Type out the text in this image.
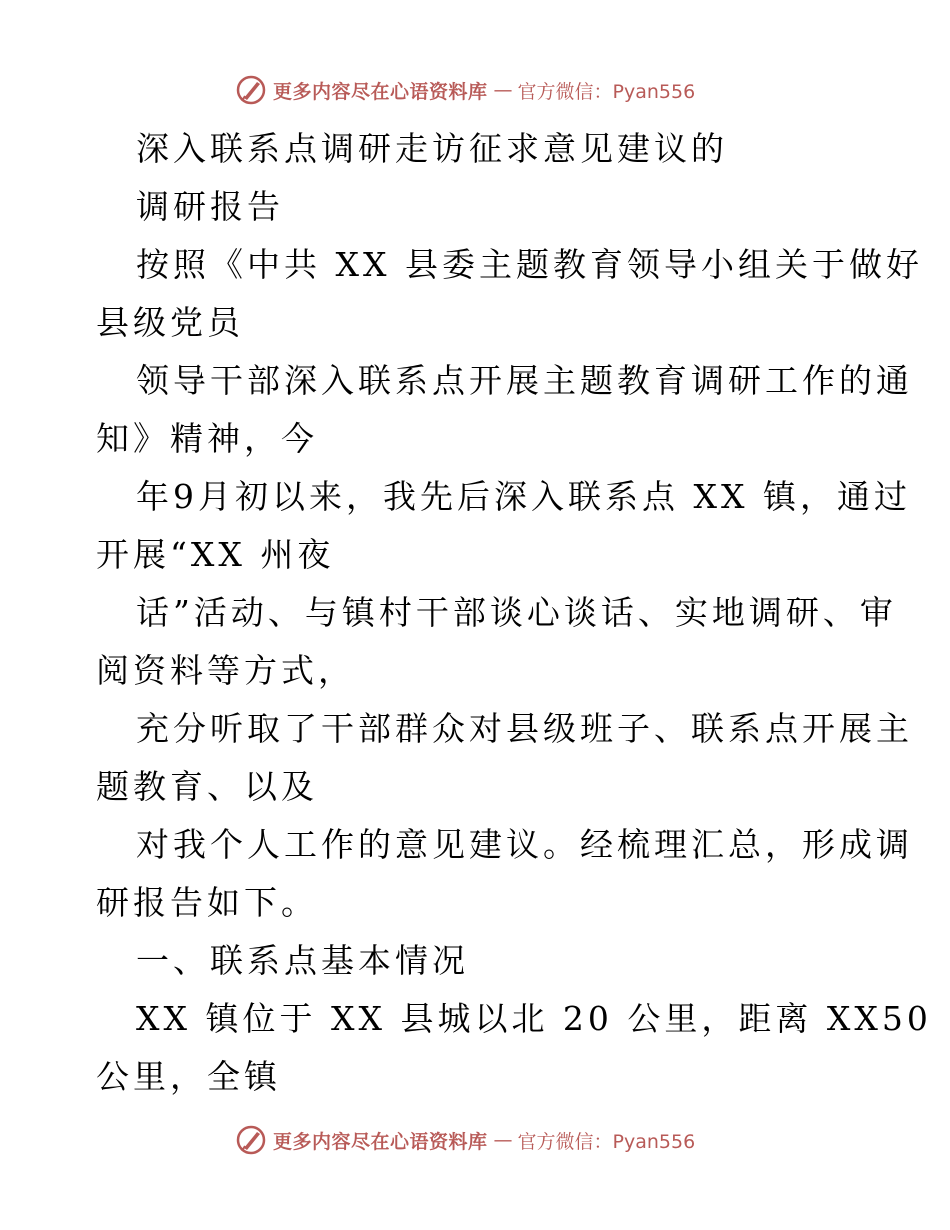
更多内容尽在心语资料库 — 官方微信：Pyan556
深入联系点调研走访征求意见建议的
调研报告
按照《中共 XX 县委主题教育领导小组关于做好
县级党员
领导干部深入联系点开展主题教育调研工作的通
知》精神，今
年9月初以来，我先后深入联系点 XX 镇，通过
开展“XX 州夜
话”活动、与镇村干部谈心谈话、实地调研、审
阅资料等方式，
充分听取了干部群众对县级班子、联系点开展主
题教育、以及
对我个人工作的意见建议。经梳理汇总，形成调
研报告如下。
一、联系点基本情况
XX 镇位于 XX 县城以北 20 公里，距离 XX50
公里，全镇
更多内容尽在心语资料库 — 官方微信：Pyan556
